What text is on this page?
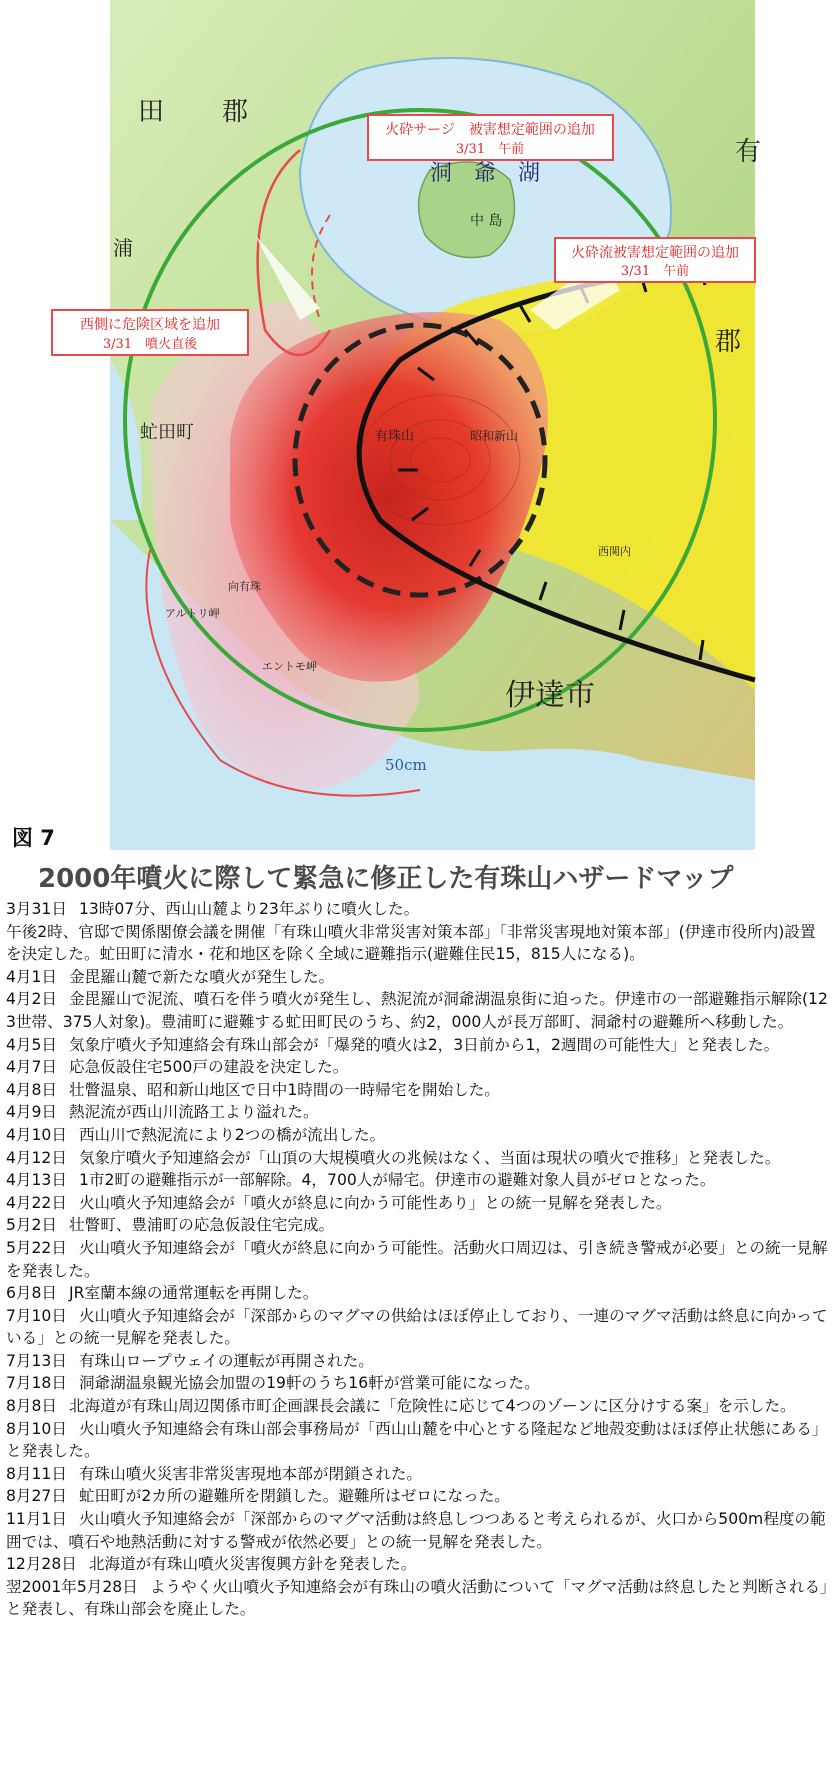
火砕サージ　被害想定範囲の追加
3/31　午前
火砕流被害想定範囲の追加
3/31　午前
西側に危険区域を追加
3/31　噴火直後
田 郡
洞　爺　湖
中 島
虻田町
伊達市
有
郡
浦
昭和新山
有珠山
向有珠
アルトリ岬
エントモ岬
西関内
50cm
図 7
2000年噴火に際して緊急に修正した有珠山ハザードマップ
3月31日 13時07分、西山山麓より23年ぶりに噴火した。
午後2時、官邸で関係閣僚会議を開催「有珠山噴火非常災害対策本部」「非常災害現地対策本部」(伊達市役所内)設置を決定した。虻田町に清水・花和地区を除く全域に避難指示(避難住民15，815人になる)。
4月1日 金毘羅山麓で新たな噴火が発生した。
4月2日 金毘羅山で泥流、噴石を伴う噴火が発生し、熱泥流が洞爺湖温泉街に迫った。伊達市の一部避難指示解除(123世帯、375人対象)。豊浦町に避難する虻田町民のうち、約2，000人が長万部町、洞爺村の避難所へ移動した。
4月5日 気象庁噴火予知連絡会有珠山部会が「爆発的噴火は2，3日前から1，2週間の可能性大」と発表した。
4月7日 応急仮設住宅500戸の建設を決定した。
4月8日 壮瞥温泉、昭和新山地区で日中1時間の一時帰宅を開始した。
4月9日 熱泥流が西山川流路工より溢れた。
4月10日 西山川で熱泥流により2つの橋が流出した。
4月12日 気象庁噴火予知連絡会が「山頂の大規模噴火の兆候はなく、当面は現状の噴火で推移」と発表した。
4月13日 1市2町の避難指示が一部解除。4，700人が帰宅。伊達市の避難対象人員がゼロとなった。
4月22日 火山噴火予知連絡会が「噴火が終息に向かう可能性あり」との統一見解を発表した。
5月2日 壮瞥町、豊浦町の応急仮設住宅完成。
5月22日 火山噴火予知連絡会が「噴火が終息に向かう可能性。活動火口周辺は、引き続き警戒が必要」との統一見解を発表した。
6月8日 JR室蘭本線の通常運転を再開した。
7月10日 火山噴火予知連絡会が「深部からのマグマの供給はほぼ停止しており、一連のマグマ活動は終息に向かっている」との統一見解を発表した。
7月13日 有珠山ロープウェイの運転が再開された。
7月18日 洞爺湖温泉観光協会加盟の19軒のうち16軒が営業可能になった。
8月8日 北海道が有珠山周辺関係市町企画課長会議に「危険性に応じて4つのゾーンに区分けする案」を示した。
8月10日 火山噴火予知連絡会有珠山部会事務局が「西山山麓を中心とする隆起など地殻変動はほぼ停止状態にある」と発表した。
8月11日 有珠山噴火災害非常災害現地本部が閉鎖された。
8月27日 虻田町が2カ所の避難所を閉鎖した。避難所はゼロになった。
11月1日 火山噴火予知連絡会が「深部からのマグマ活動は終息しつつあると考えられるが、火口から500m程度の範囲では、噴石や地熱活動に対する警戒が依然必要」との統一見解を発表した。
12月28日 北海道が有珠山噴火災害復興方針を発表した。
翌2001年5月28日 ようやく火山噴火予知連絡会が有珠山の噴火活動について「マグマ活動は終息したと判断される」と発表し、有珠山部会を廃止した。
